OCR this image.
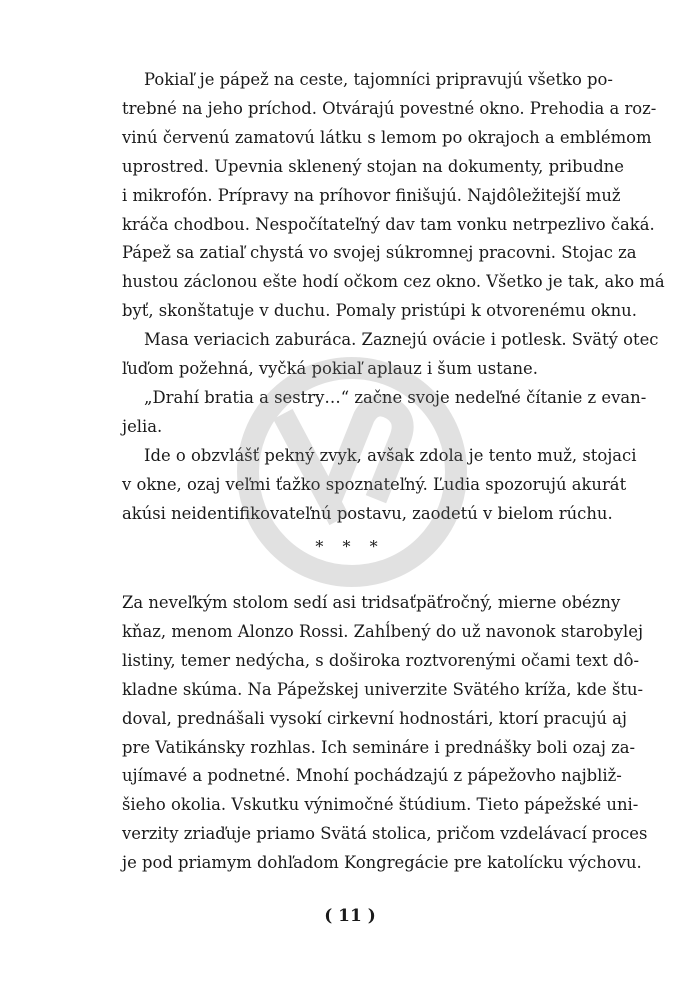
Pokiaľ je pápež na ceste, tajomníci pripravujú všetko po-
trebné na jeho príchod. Otvárajú povestné okno. Prehodia a roz-
vinú červenú zamatovú látku s lemom po okrajoch a emblémom
uprostred. Upevnia sklenený stojan na dokumenty, pribudne
i mikrofón. Prípravy na príhovor finišujú. Najdôležitejší muž
kráča chodbou. Nespočítateľný dav tam vonku netrpezlivo čaká.
Pápež sa zatiaľ chystá vo svojej súkromnej pracovni. Stojac za
hustou záclonou ešte hodí očkom cez okno. Všetko je tak, ako má
byť, skonštatuje v duchu. Pomaly pristúpi k otvorenému oknu.
Masa veriacich zaburáca. Zaznejú ovácie i potlesk. Svätý otec
ľuďom požehná, vyčká pokiaľ aplauz i šum ustane.
„Drahí bratia a sestry…“ začne svoje nedeľné čítanie z evan-
jelia.
Ide o obzvlášť pekný zvyk, avšak zdola je tento muž, stojaci
v okne, ozaj veľmi ťažko spoznateľný. Ľudia spozorujú akurát
akúsi neidentifikovateľnú postavu, zaodetú v bielom rúchu.
* * *
Za neveľkým stolom sedí asi tridsaťpäťročný, mierne obézny
kňaz, menom Alonzo Rossi. Zahĺbený do už navonok starobylej
listiny, temer nedýcha, s doširoka roztvorenými očami text dô-
kladne skúma. Na Pápežskej univerzite Svätého kríža, kde štu-
doval, prednášali vysokí cirkevní hodnostári, ktorí pracujú aj
pre Vatikánsky rozhlas. Ich semináre i prednášky boli ozaj za-
ujímavé a podnetné. Mnohí pochádzajú z pápežovho najbliž-
šieho okolia. Vskutku výnimočné štúdium. Tieto pápežské uni-
verzity zriaďuje priamo Svätá stolica, pričom vzdelávací proces
je pod priamym dohľadom Kongregácie pre katolícku výchovu.
( 11 )
